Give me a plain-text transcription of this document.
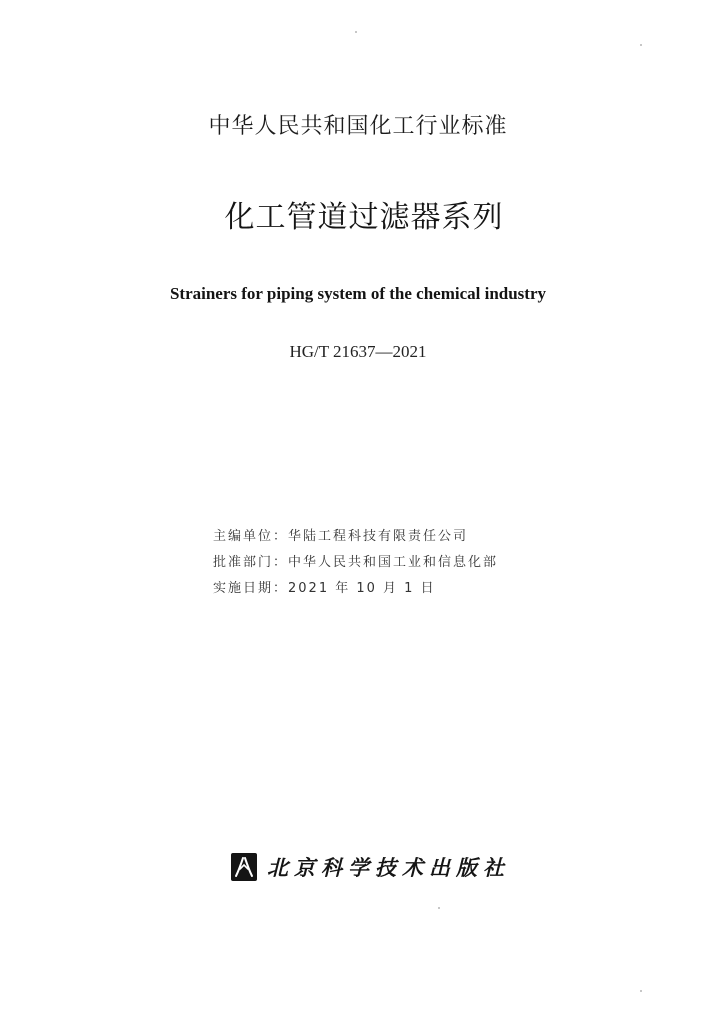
中华人民共和国化工行业标准
化工管道过滤器系列
Strainers for piping system of the chemical industry
HG/T 21637—2021
主编单位：华陆工程科技有限责任公司
批准部门：中华人民共和国工业和信息化部
实施日期：2021 年 10 月 1 日
北京科学技术出版社
